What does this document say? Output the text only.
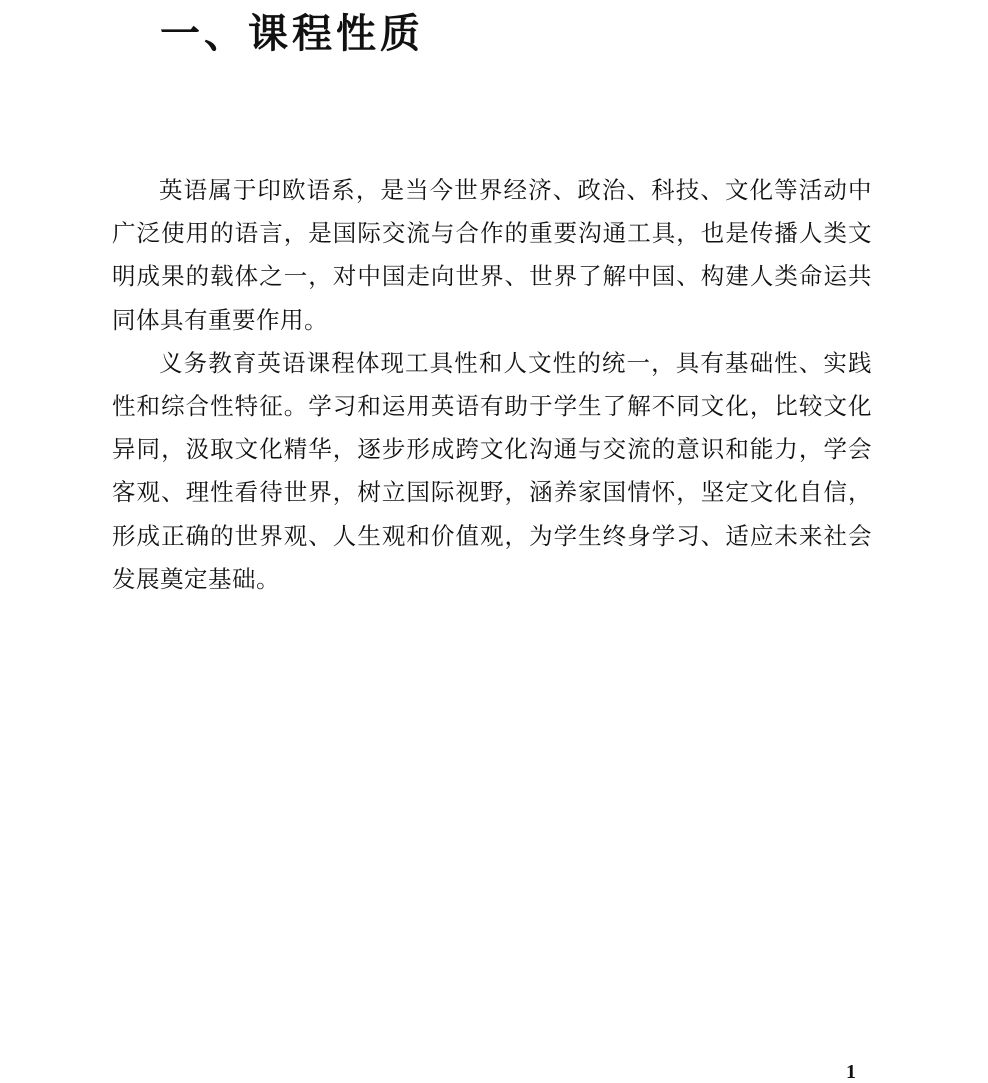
一、课程性质

英语属于印欧语系，是当今世界经济、政治、科技、文化等活动中广泛使用的语言，是国际交流与合作的重要沟通工具，也是传播人类文明成果的载体之一，对中国走向世界、世界了解中国、构建人类命运共同体具有重要作用。

义务教育英语课程体现工具性和人文性的统一，具有基础性、实践性和综合性特征。学习和运用英语有助于学生了解不同文化，比较文化异同，汲取文化精华，逐步形成跨文化沟通与交流的意识和能力，学会客观、理性看待世界，树立国际视野，涵养家国情怀，坚定文化自信，形成正确的世界观、人生观和价值观，为学生终身学习、适应未来社会发展奠定基础。

1
